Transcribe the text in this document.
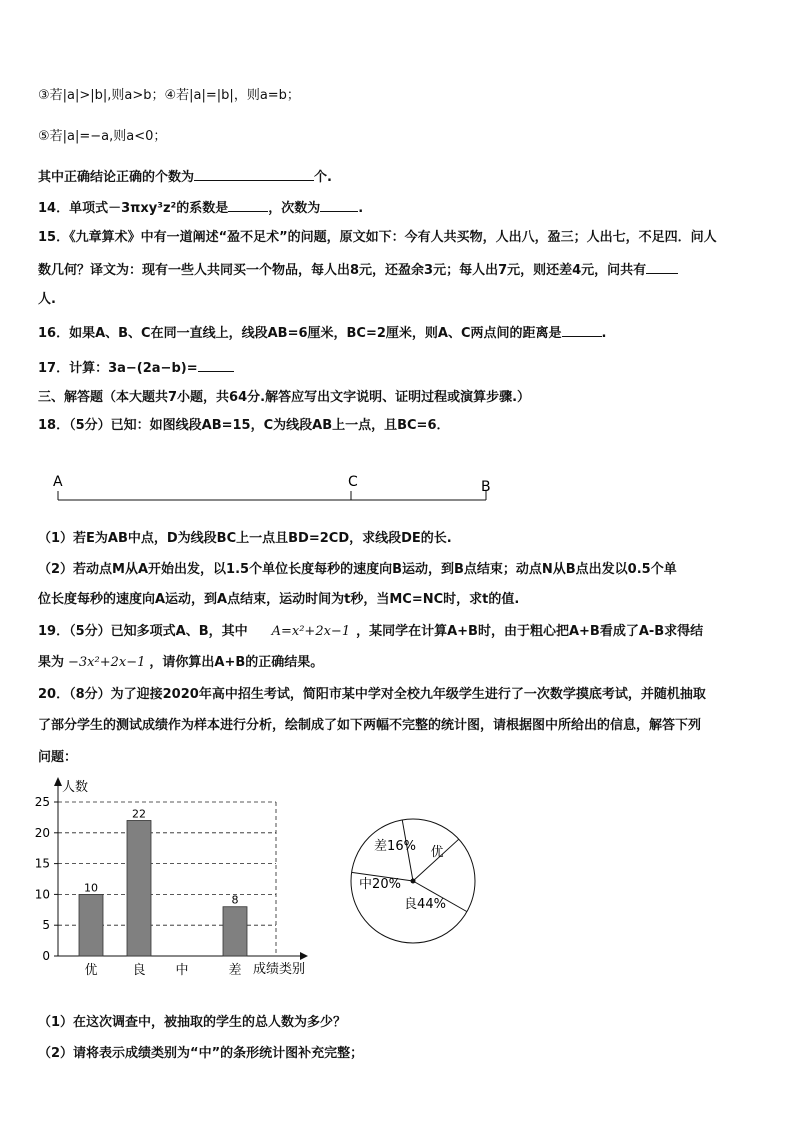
③若|a|>|b|,则a>b；④若|a|=|b|，则a=b；
⑤若|a|=−a,则a<0；
其中正确结论正确的个数为	个.
14．单项式－3πxy³z²的系数是	，次数为	.
15．《九章算术》中有一道阐述“盈不足术”的问题，原文如下：今有人共买物，人出八，盈三；人出七，不足四．问人
数几何？译文为：现有一些人共同买一个物品，每人出8元，还盈余3元；每人出7元，则还差4元，问共有
人.
16．如果A、B、C在同一直线上，线段AB=6厘米，BC=2厘米，则A、C两点间的距离是	.
17．计算：3a−(2a−b)=
三、解答题（本大题共7小题，共64分.解答应写出文字说明、证明过程或演算步骤.）
18．（5分）已知：如图线段AB=15，C为线段AB上一点，且BC=6．
A	C	B
（1）若E为AB中点，D为线段BC上一点且BD=2CD，求线段DE的长.
（2）若动点M从A开始出发，以1.5个单位长度每秒的速度向B运动，到B点结束；动点N从B点出发以0.5个单
位长度每秒的速度向A运动，到A点结束，运动时间为t秒，当MC=NC时，求t的值.
19．（5分）已知多项式A、B，其中 A=x²+2x−1 ，某同学在计算A+B时，由于粗心把A+B看成了A-B求得结
果为 −3x²+2x−1 ，请你算出A+B的正确结果。
20．（8分）为了迎接2020年高中招生考试，简阳市某中学对全校九年级学生进行了一次数学摸底考试，并随机抽取
了部分学生的测试成绩作为样本进行分析，绘制成了如下两幅不完整的统计图，请根据图中所给出的信息，解答下列
问题：
0
5
10
15
20
25
优	良 中	差
10
22
8
人数
成绩类别
差16% 优
良44%
中20%
（1）在这次调查中，被抽取的学生的总人数为多少？
（2）请将表示成绩类别为“中”的条形统计图补充完整；
